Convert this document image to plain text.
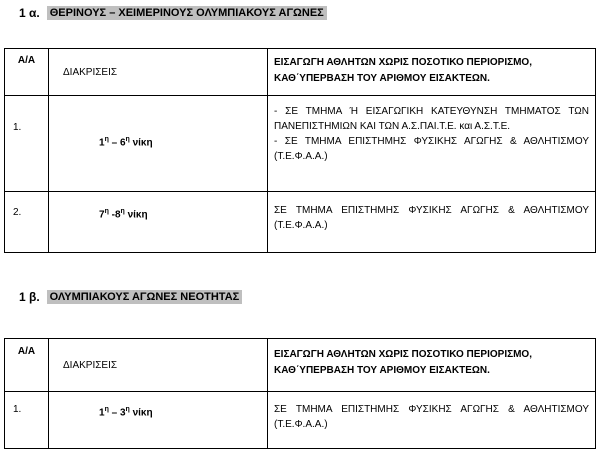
1 α. ΘΕΡΙΝΟΥΣ – ΧΕΙΜΕΡΙΝΟΥΣ ΟΛΥΜΠΙΑΚΟΥΣ ΑΓΩΝΕΣ
Α/Α	ΔΙΑΚΡΙΣΕΙΣ	ΕΙΣΑΓΩΓΗ ΑΘΛΗΤΩΝ ΧΩΡΙΣ ΠΟΣΟΤΙΚΟ ΠΕΡΙΟΡΙΣΜΟ, ΚΑΘ΄ΥΠΕΡΒΑΣΗ ΤΟΥ ΑΡΙΘΜΟΥ ΕΙΣΑΚΤΕΩΝ.

1.	$1^\eta - 6^\eta$ νίκη	- ΣΕ ΤΜΗΜΑ Ή ΕΙΣΑΓΩΓΙΚΗ ΚΑΤΕΥΘΥΝΣΗ ΤΜΗΜΑΤΟΣ ΤΩΝ ΠΑΝΕΠΙΣΤΗΜΙΩΝ ΚΑΙ ΤΩΝ Α.Σ.ΠΑΙ.Τ.Ε. και Α.Σ.Τ.Ε.
- ΣΕ ΤΜΗΜΑ ΕΠΙΣΤΗΜΗΣ ΦΥΣΙΚΗΣ ΑΓΩΓΗΣ & ΑΘΛΗΤΙΣΜΟΥ (Τ.Ε.Φ.Α.Α.)

2.	$7^\eta$ $-8^\eta$ νίκη	ΣΕ ΤΜΗΜΑ ΕΠΙΣΤΗΜΗΣ ΦΥΣΙΚΗΣ ΑΓΩΓΗΣ & ΑΘΛΗΤΙΣΜΟΥ (Τ.Ε.Φ.Α.Α.)
1 β. ΟΛΥΜΠΙΑΚΟΥΣ ΑΓΩΝΕΣ ΝΕΟΤΗΤΑΣ
Α/Α	ΔΙΑΚΡΙΣΕΙΣ	ΕΙΣΑΓΩΓΗ ΑΘΛΗΤΩΝ ΧΩΡΙΣ ΠΟΣΟΤΙΚΟ ΠΕΡΙΟΡΙΣΜΟ, ΚΑΘ΄ΥΠΕΡΒΑΣΗ ΤΟΥ ΑΡΙΘΜΟΥ ΕΙΣΑΚΤΕΩΝ.

1.	$1^\eta - 3^\eta$ νίκη	ΣΕ ΤΜΗΜΑ ΕΠΙΣΤΗΜΗΣ ΦΥΣΙΚΗΣ ΑΓΩΓΗΣ & ΑΘΛΗΤΙΣΜΟΥ (Τ.Ε.Φ.Α.Α.)
